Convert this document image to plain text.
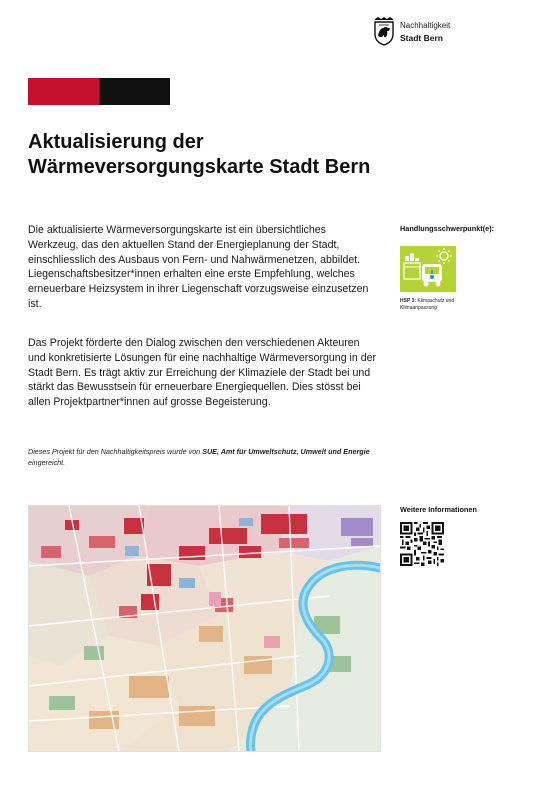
Nachhaltigkeit
Stadt Bern
Aktualisierung der Wärmeversorgungskarte Stadt Bern

Die aktualisierte Wärmeversorgungskarte ist ein übersichtliches Werkzeug, das den aktuellen Stand der Energieplanung der Stadt, einschliesslich des Ausbaus von Fern- und Nahwärmenetzen, abbildet. Liegenschaftsbesitzer*innen erhalten eine erste Empfehlung, welches erneuerbare Heizsystem in ihrer Liegenschaft vorzugsweise einzusetzen ist.

Das Projekt förderte den Dialog zwischen den verschiedenen Akteuren und konkretisierte Lösungen für eine nachhaltige Wärmeversorgung in der Stadt Bern. Es trägt aktiv zur Erreichung der Klimaziele der Stadt bei und stärkt das Bewusstsein für erneuerbare Energiequellen. Dies stösst bei allen Projektpartner*innen auf grosse Begeisterung.

Dieses Projekt für den Nachhaltigkeitspreis wurde von SUE, Amt für Umweltschutz, Umwelt und Energie eingereicht.

Handlungsschwerpunkt(e):
HSP 3: Klimaschutz und Klimaanpassung
Weitere Informationen
